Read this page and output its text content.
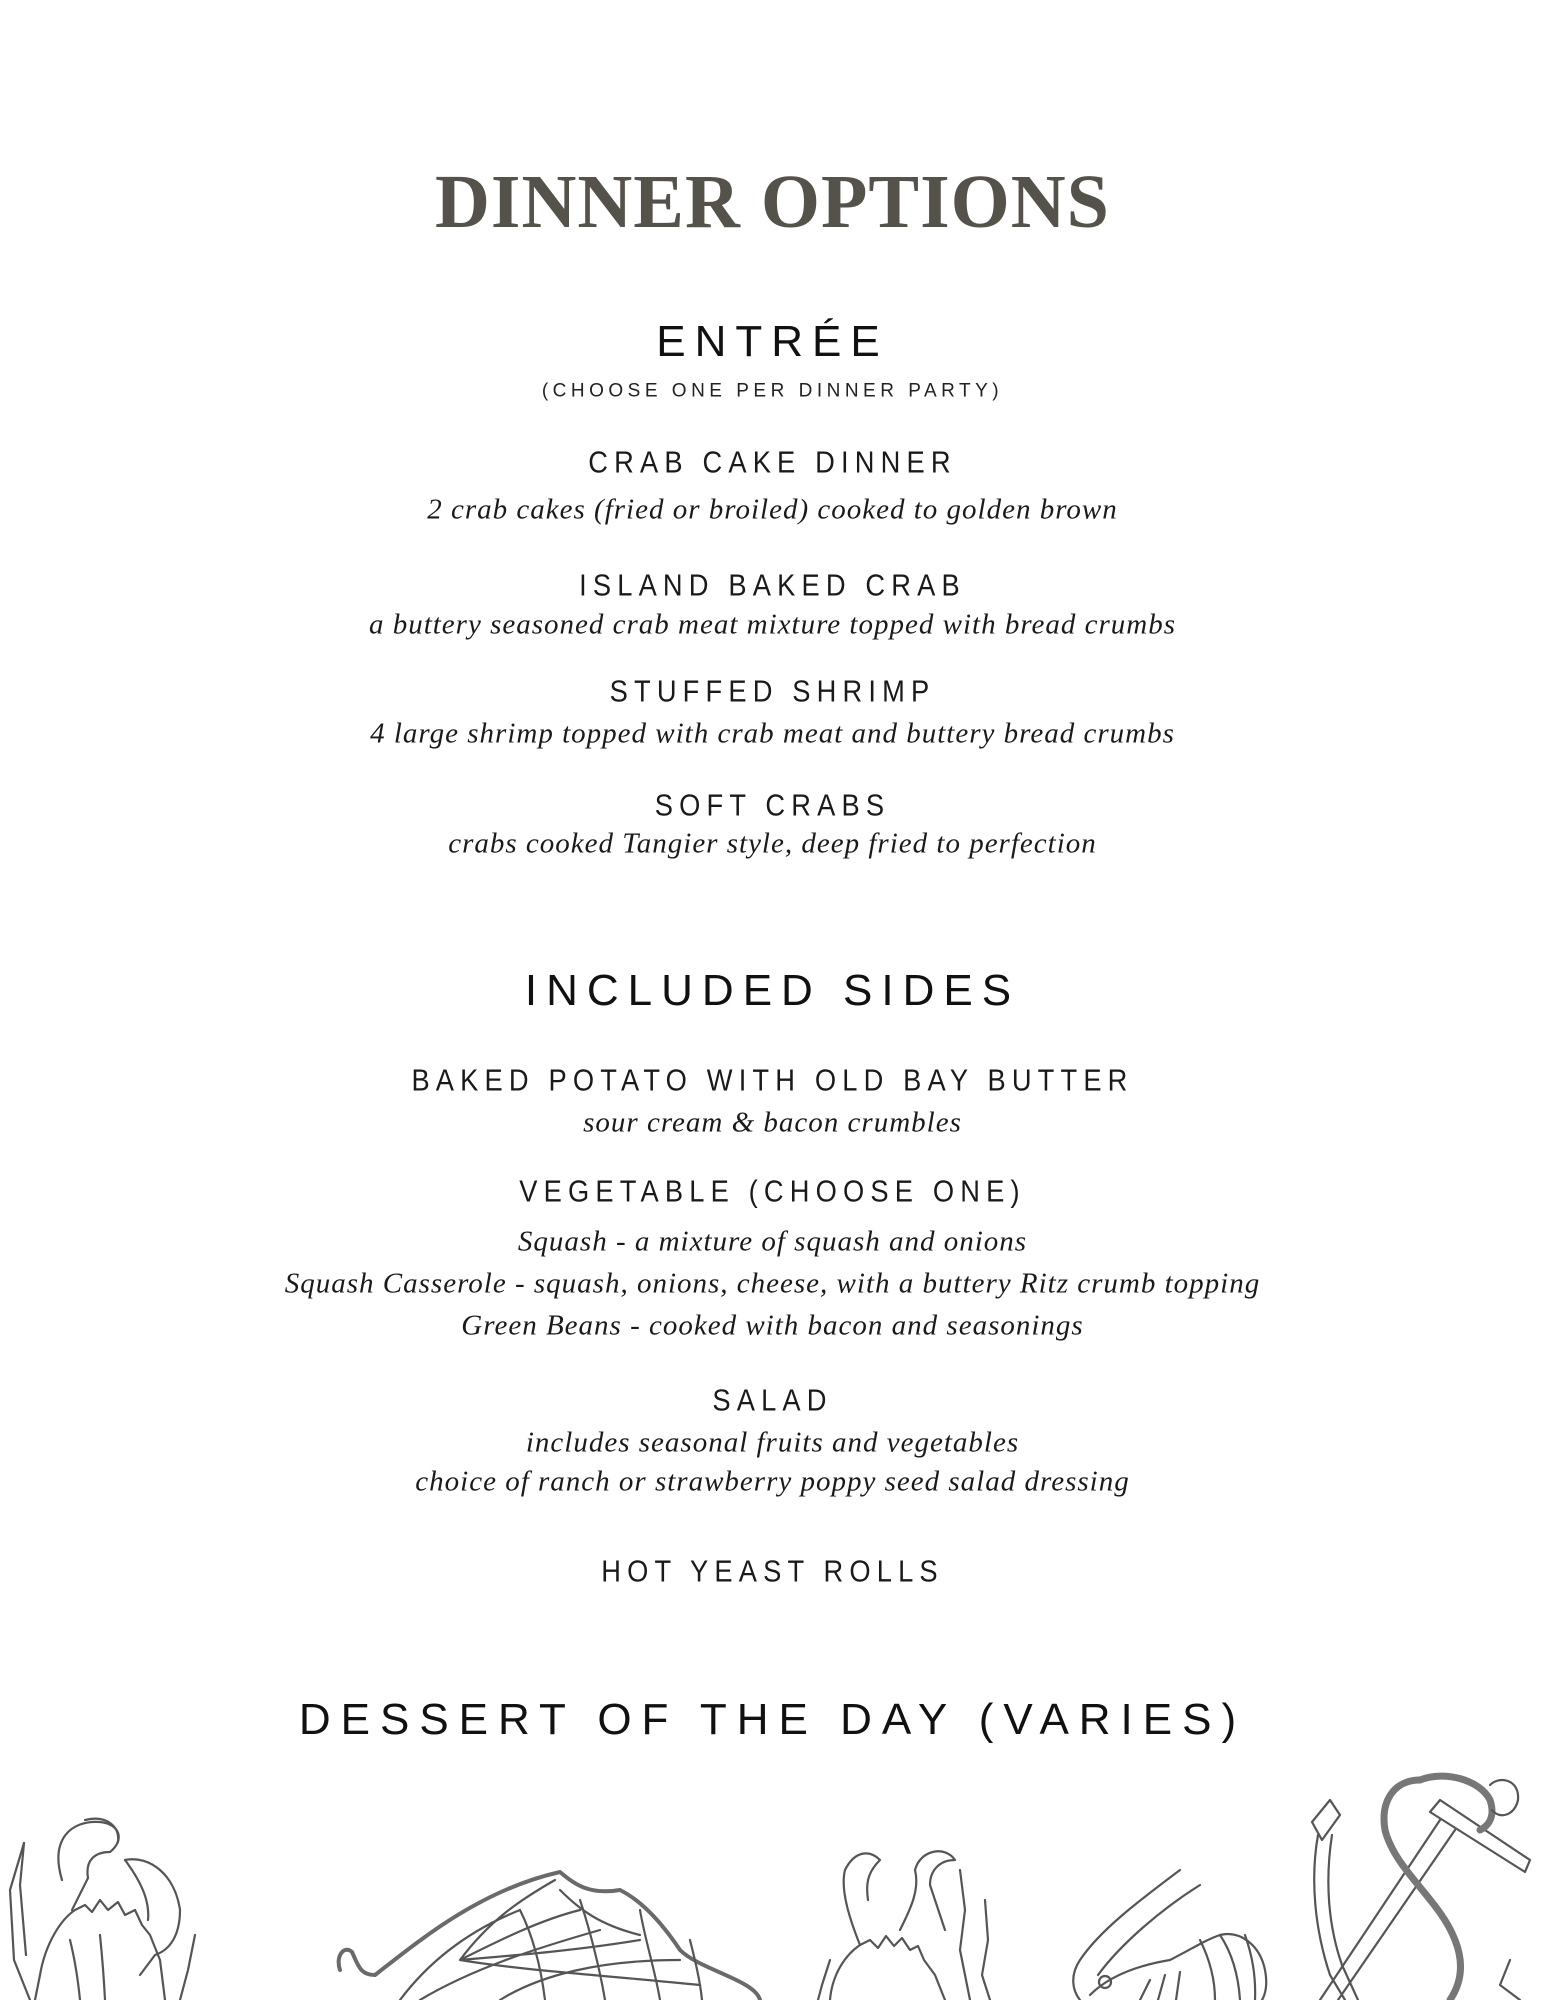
DINNER OPTIONS
ENTRÉE
(CHOOSE ONE PER DINNER PARTY)
CRAB CAKE DINNER
2 crab cakes (fried or broiled) cooked to golden brown
ISLAND BAKED CRAB
a buttery seasoned crab meat mixture topped with bread crumbs
STUFFED SHRIMP
4 large shrimp topped with crab meat and buttery bread crumbs
SOFT CRABS
crabs cooked Tangier style, deep fried to perfection
INCLUDED SIDES
BAKED POTATO WITH OLD BAY BUTTER
sour cream & bacon crumbles
VEGETABLE (CHOOSE ONE)
Squash - a mixture of squash and onions
Squash Casserole - squash, onions, cheese, with a buttery Ritz crumb topping
Green Beans - cooked with bacon and seasonings
SALAD
includes seasonal fruits and vegetables
choice of ranch or strawberry poppy seed salad dressing
HOT YEAST ROLLS
DESSERT OF THE DAY (VARIES)
